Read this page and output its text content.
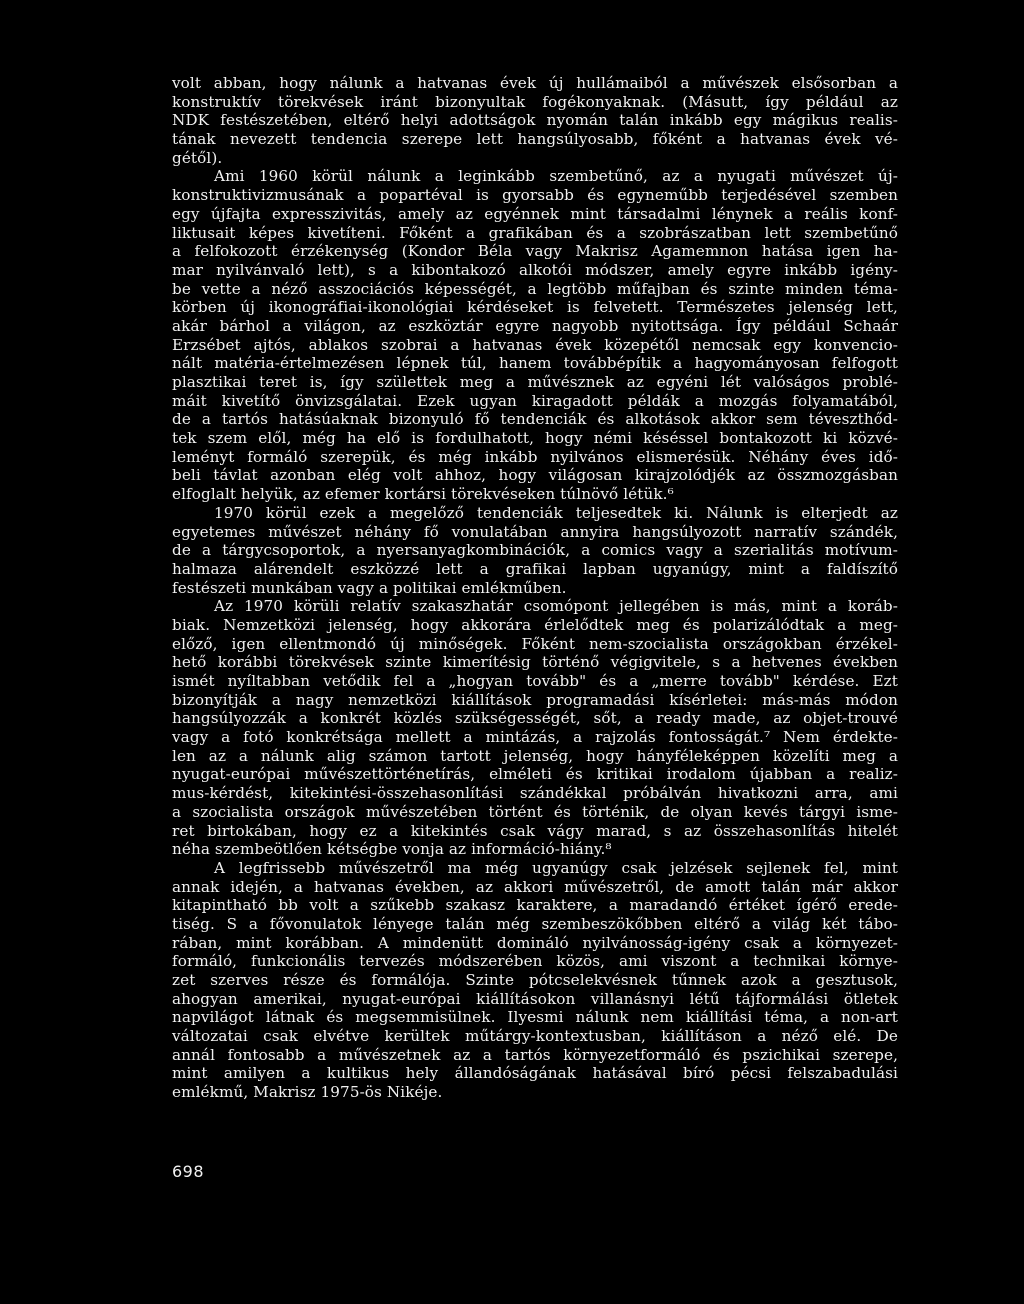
volt abban, hogy nálunk a hatvanas évek új hullámaiból a művészek elsősorban a
konstruktív törekvések iránt bizonyultak fogékonyaknak. (Másutt, így például az
NDK festészetében, eltérő helyi adottságok nyomán talán inkább egy mágikus realis-
tának nevezett tendencia szerepe lett hangsúlyosabb, főként a hatvanas évek vé-
gétől).
Ami 1960 körül nálunk a leginkább szembetűnő, az a nyugati művészet új-
konstruktivizmusának a popartéval is gyorsabb és egyneműbb terjedésével szemben
egy újfajta expresszivitás, amely az egyénnek mint társadalmi lénynek a reális konf-
liktusait képes kivetíteni. Főként a grafikában és a szobrászatban lett szembetűnő
a felfokozott érzékenység (Kondor Béla vagy Makrisz Agamemnon hatása igen ha-
mar nyilvánvaló lett), s a kibontakozó alkotói módszer, amely egyre inkább igény-
be vette a néző asszociációs képességét, a legtöbb műfajban és szinte minden téma-
körben új ikonográfiai-ikonológiai kérdéseket is felvetett. Természetes jelenség lett,
akár bárhol a világon, az eszköztár egyre nagyobb nyitottsága. Így például Schaár
Erzsébet ajtós, ablakos szobrai a hatvanas évek közepétől nemcsak egy konvencio-
nált matéria-értelmezésen lépnek túl, hanem továbbépítik a hagyományosan felfogott
plasztikai teret is, így születtek meg a művésznek az egyéni lét valóságos problé-
máit kivetítő önvizsgálatai. Ezek ugyan kiragadott példák a mozgás folyamatából,
de a tartós hatásúaknak bizonyuló fő tendenciák és alkotások akkor sem téveszthőd-
tek szem elől, még ha elő is fordulhatott, hogy némi késéssel bontakozott ki közvé-
leményt formáló szerepük, és még inkább nyilvános elismerésük. Néhány éves idő-
beli távlat azonban elég volt ahhoz, hogy világosan kirajzolódjék az összmozgásban
elfoglalt helyük, az efemer kortársi törekvéseken túlnövő létük.⁶
1970 körül ezek a megelőző tendenciák teljesedtek ki. Nálunk is elterjedt az
egyetemes művészet néhány fő vonulatában annyira hangsúlyozott narratív szándék,
de a tárgycsoportok, a nyersanyagkombinációk, a comics vagy a szerialitás motívum-
halmaza alárendelt eszközzé lett a grafikai lapban ugyanúgy, mint a faldíszítő
festészeti munkában vagy a politikai emlékműben.
Az 1970 körüli relatív szakaszhatár csomópont jellegében is más, mint a koráb-
biak. Nemzetközi jelenség, hogy akkorára érlelődtek meg és polarizálódtak a meg-
előző, igen ellentmondó új minőségek. Főként nem-szocialista országokban érzékel-
hető korábbi törekvések szinte kimerítésig történő végigvitele, s a hetvenes években
ismét nyíltabban vetődik fel a „hogyan tovább" és a „merre tovább" kérdése. Ezt
bizonyítják a nagy nemzetközi kiállítások programadási kísérletei: más-más módon
hangsúlyozzák a konkrét közlés szükségességét, sőt, a ready made, az objet-trouvé
vagy a fotó konkrétsága mellett a mintázás, a rajzolás fontosságát.⁷ Nem érdekte-
len az a nálunk alig számon tartott jelenség, hogy hányféleképpen közelíti meg a
nyugat-európai művészettörténetírás, elméleti és kritikai irodalom újabban a realiz-
mus-kérdést, kitekintési-összehasonlítási szándékkal próbálván hivatkozni arra, ami
a szocialista országok művészetében történt és történik, de olyan kevés tárgyi isme-
ret birtokában, hogy ez a kitekintés csak vágy marad, s az összehasonlítás hitelét
néha szembeötlően kétségbe vonja az információ-hiány.⁸
A legfrissebb művészetről ma még ugyanúgy csak jelzések sejlenek fel, mint
annak idején, a hatvanas években, az akkori művészetről, de amott talán már akkor
kitapintható bb volt a szűkebb szakasz karaktere, a maradandó értéket ígérő erede-
tiség. S a fővonulatok lényege talán még szembeszökőbben eltérő a világ két tábo-
rában, mint korábban. A mindenütt domináló nyilvánosság-igény csak a környezet-
formáló, funkcionális tervezés módszerében közös, ami viszont a technikai környe-
zet szerves része és formálója. Szinte pótcselekvésnek tűnnek azok a gesztusok,
ahogyan amerikai, nyugat-európai kiállításokon villanásnyi létű tájformálási ötletek
napvilágot látnak és megsemmisülnek. Ilyesmi nálunk nem kiállítási téma, a non-art
változatai csak elvétve kerültek műtárgy-kontextusban, kiállításon a néző elé. De
annál fontosabb a művészetnek az a tartós környezetformáló és pszichikai szerepe,
mint amilyen a kultikus hely állandóságának hatásával bíró pécsi felszabadulási
emlékmű, Makrisz 1975-ös Nikéje.
698
